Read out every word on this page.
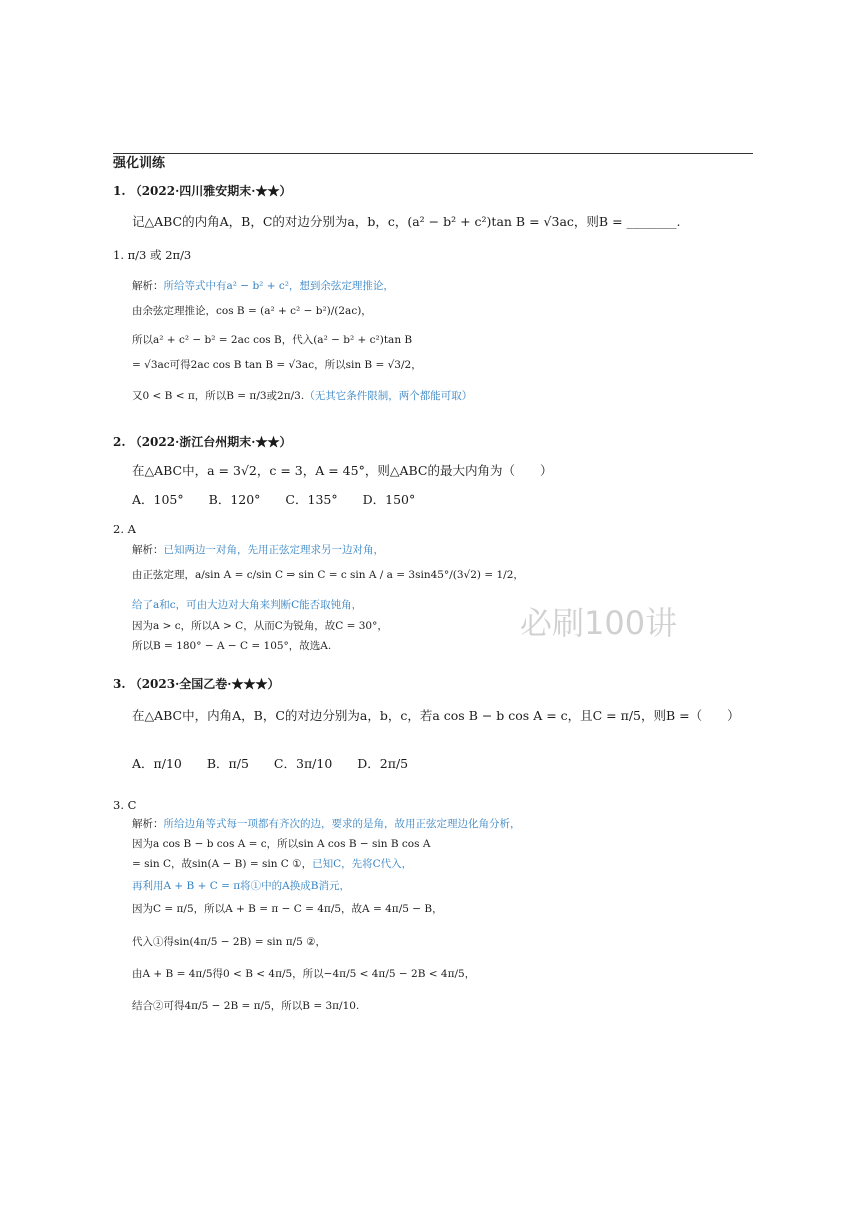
强化训练
1. （2022·四川雅安期末·★★）
记△ABC的内角A，B，C的对边分别为a，b，c，(a² − b² + c²)tan B = √3ac，则B = ________.
1. π/3 或 2π/3
解析：所给等式中有a² − b² + c²，想到余弦定理推论，
由余弦定理推论，cos B = (a² + c² − b²)/(2ac)，
所以a² + c² − b² = 2ac cos B，代入(a² − b² + c²)tan B
= √3ac可得2ac cos B tan B = √3ac，所以sin B = √3/2，
又0 < B < π，所以B = π/3或2π/3.（无其它条件限制，两个都能可取）
2. （2022·浙江台州期末·★★）
在△ABC中，a = 3√2，c = 3，A = 45°，则△ABC的最大内角为（　　）
A．105°　　B．120°　　C．135°　　D．150°
2. A
解析：已知两边一对角，先用正弦定理求另一边对角，
由正弦定理，a/sin A = c/sin C ⇒ sin C = c sin A / a = 3sin45°/(3√2) = 1/2，
给了a和c，可由大边对大角来判断C能否取钝角，
因为a > c，所以A > C，从而C为锐角，故C = 30°，
所以B = 180° − A − C = 105°，故选A.
必刷100讲
3. （2023·全国乙卷·★★★）
在△ABC中，内角A，B，C的对边分别为a，b，c，若a cos B − b cos A = c，且C = π/5，则B =（　　）
A．π/10　　B．π/5　　C．3π/10　　D．2π/5
3. C
解析：所给边角等式每一项都有齐次的边，要求的是角，故用正弦定理边化角分析，
因为a cos B − b cos A = c，所以sin A cos B − sin B cos A
= sin C，故sin(A − B) = sin C ①，已知C，先将C代入，
再利用A + B + C = π将①中的A换成B消元，
因为C = π/5，所以A + B = π − C = 4π/5，故A = 4π/5 − B，
代入①得sin(4π/5 − 2B) = sin π/5 ②，
由A + B = 4π/5得0 < B < 4π/5，所以−4π/5 < 4π/5 − 2B < 4π/5，
结合②可得4π/5 − 2B = π/5，所以B = 3π/10.
